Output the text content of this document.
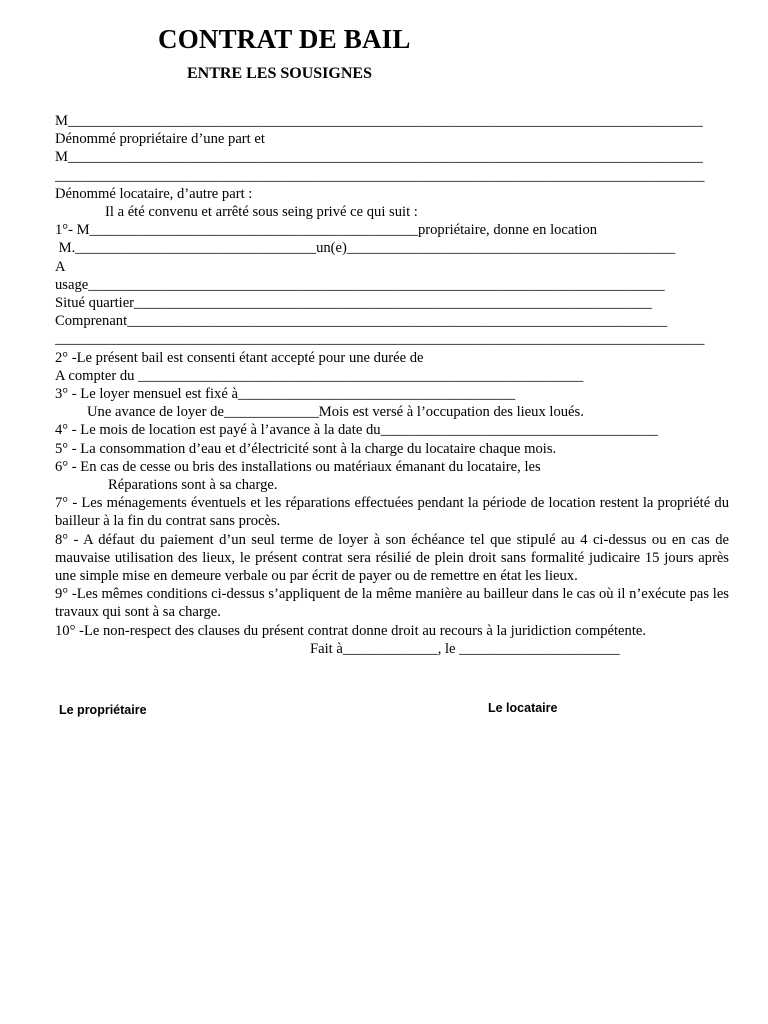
CONTRAT DE BAIL
ENTRE LES SOUSIGNES
M_______________________________________________________________________________________
Dénommé propriétaire d’une part et
M_______________________________________________________________________________________
_________________________________________________________________________________________
Dénommé locataire, d’autre part :
Il a été convenu et arrêté sous seing privé ce qui suit :
1°- M_____________________________________________propriétaire, donne en location
M._________________________________un(e)_____________________________________________
A
usage_______________________________________________________________________________
Situé quartier_______________________________________________________________________
Comprenant__________________________________________________________________________
_________________________________________________________________________________________
2° -Le présent bail est consenti étant accepté pour une durée de
A compter du _____________________________________________________________
3° - Le loyer mensuel est fixé à______________________________________
Une avance de loyer de_____________Mois est versé à l’occupation des lieux loués.
4° - Le mois de location est payé à l’avance à la date du______________________________________
5° - La consommation d’eau et d’électricité sont à la charge du locataire chaque mois.
6° - En cas de cesse ou bris des installations ou matériaux émanant du locataire, les
Réparations sont à sa charge.
7° - Les ménagements éventuels et les réparations effectuées pendant la période de location restent la propriété du bailleur à la fin du contrat sans procès.
8° - A défaut du paiement d’un seul terme de loyer à son échéance tel que stipulé au 4 ci-dessus ou en cas de mauvaise utilisation des lieux, le présent contrat sera résilié de plein droit sans formalité judicaire 15 jours après une simple mise en demeure verbale ou par écrit de payer ou de remettre en état les lieux.
9° -Les mêmes conditions ci-dessus s’appliquent de la même manière au bailleur dans le cas où il n’exécute pas les travaux qui sont à sa charge.
10° -Le non-respect des clauses du présent contrat donne droit au recours à la juridiction compétente.
Fait à_____________, le ______________________
Le propriétaire	Le locataire
